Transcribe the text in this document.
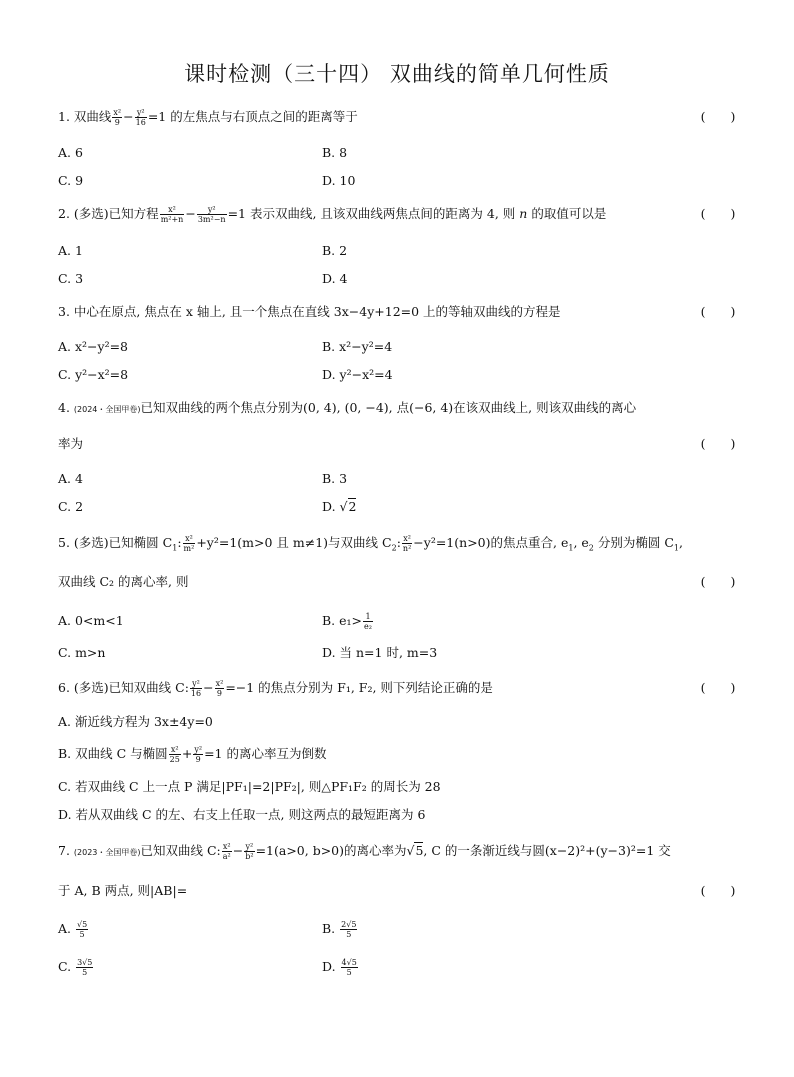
课时检测（三十四） 双曲线的简单几何性质
1. 双曲线 $\frac{\text{x²}}{9} - \frac{\text{y²}}{16} =1$ 的左焦点与右顶点之间的距离等于	(　　)
A. 6	B. 8
C. 9	D. 10
2. (多选)已知方程 $\frac{\text{x²}}{\text{m²+n}} - \frac{\text{y²}}{\text{3m²−n}} =1$ 表示双曲线, 且该双曲线两焦点间的距离为 4, 则 n 的取值可以是	(　　)
A. 1	B. 2
C. 3	D. 4
3. 中心在原点, 焦点在 x 轴上, 且一个焦点在直线 3x−4y+12=0 上的等轴双曲线的方程是	(　　)
A. x²−y²=8	B. x²−y²=4
C. y²−x²=8	D. y²−x²=4
4. (2024・全国甲卷)已知双曲线的两个焦点分别为(0, 4), (0, −4), 点(−6, 4)在该双曲线上, 则该双曲线的离心
率为	(　　)
A. 4	B. 3
C. 2	D. √2
5. (多选)已知椭圆 $C_1$: $\frac{\text{x²}}{\text{m²}} +y^2=1(m>0$ 且 m≠1)与双曲线 $C_2$: $\frac{\text{x²}}{\text{n²}} -y^2=1(n>0)$的焦点重合, $e_1$, $e_2$ 分别为椭圆 $C_1$,
双曲线 C₂ 的离心率, 则	(　　)
A. 0<m<1	B. $e_1> \frac{1}{\text{e₂}}$
C. m>n	D. 当 n=1 时, m=3
6. (多选)已知双曲线 C: $\frac{\text{y²}}{16} - \frac{\text{x²}}{9} =-1$ 的焦点分别为 F₁, F₂, 则下列结论正确的是	(　　)
A. 渐近线方程为 3x±4y=0
B. 双曲线 C 与椭圆 $\frac{\text{x²}}{25} + \frac{\text{y²}}{9} =1$ 的离心率互为倒数
C. 若双曲线 C 上一点 P 满足|PF₁|=2|PF₂|, 则△PF₁F₂ 的周长为 28
D. 若从双曲线 C 的左、右支上任取一点, 则这两点的最短距离为 6
7. (2023・全国甲卷)已知双曲线 C: $\frac{\text{x²}}{\text{a²}} - \frac{\text{y²}}{\text{b²}} =1(a>0$, b>0)的离心率为√5, C 的一条渐近线与圆(x−2)²+(y−3)²=1 交
于 A, B 两点, 则|AB|=	(　　)
A. $\frac{√5}{5}$	B. $\frac{2√5}{5}$
C. $\frac{3√5}{5}$	D. $\frac{4√5}{5}$
